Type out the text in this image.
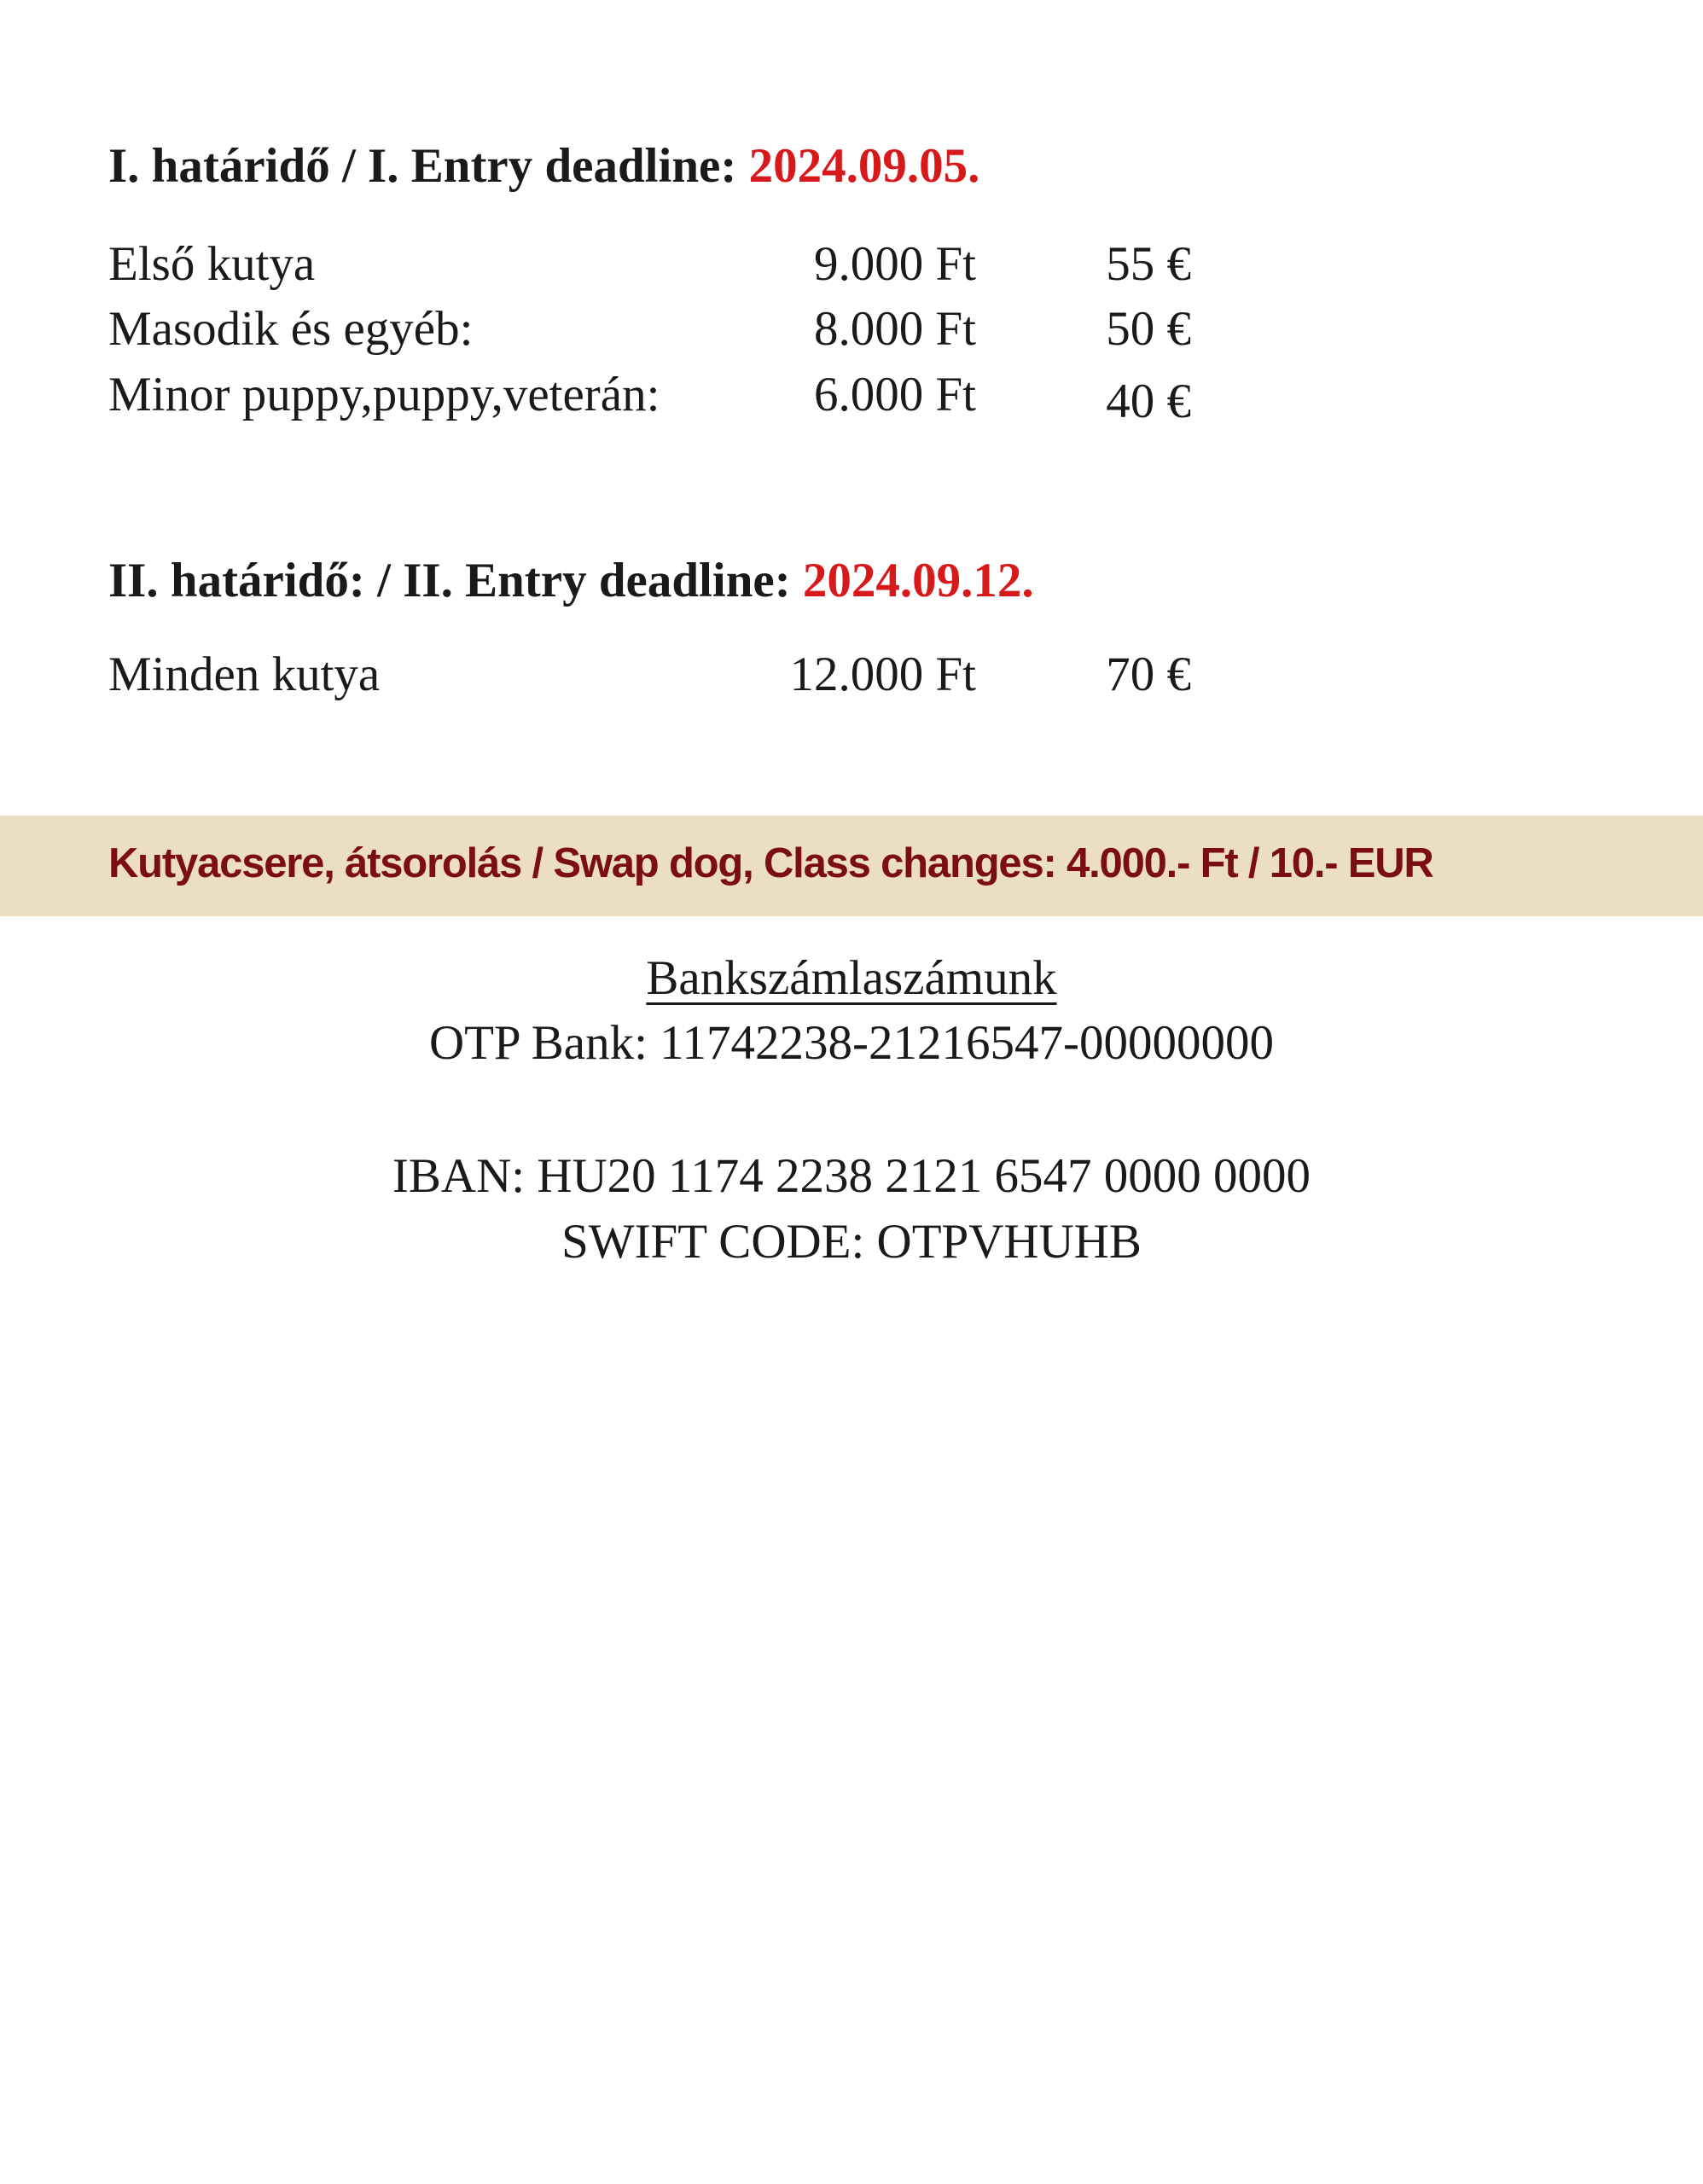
I. határidő / I. Entry deadline: 2024.09.05.
Első kutya	9.000 Ft	55 €
Masodik és egyéb:	8.000 Ft	50 €
Minor puppy,puppy,veterán:	6.000 Ft	40 €
II. határidő: / II. Entry deadline: 2024.09.12.
Minden kutya	12.000 Ft	70 €
Kutyacsere, átsorolás / Swap dog, Class changes: 4.000.- Ft / 10.- EUR
Bankszámlaszámunk
OTP Bank: 11742238-21216547-00000000
IBAN: HU20 1174 2238 2121 6547 0000 0000
SWIFT CODE: OTPVHUHB
